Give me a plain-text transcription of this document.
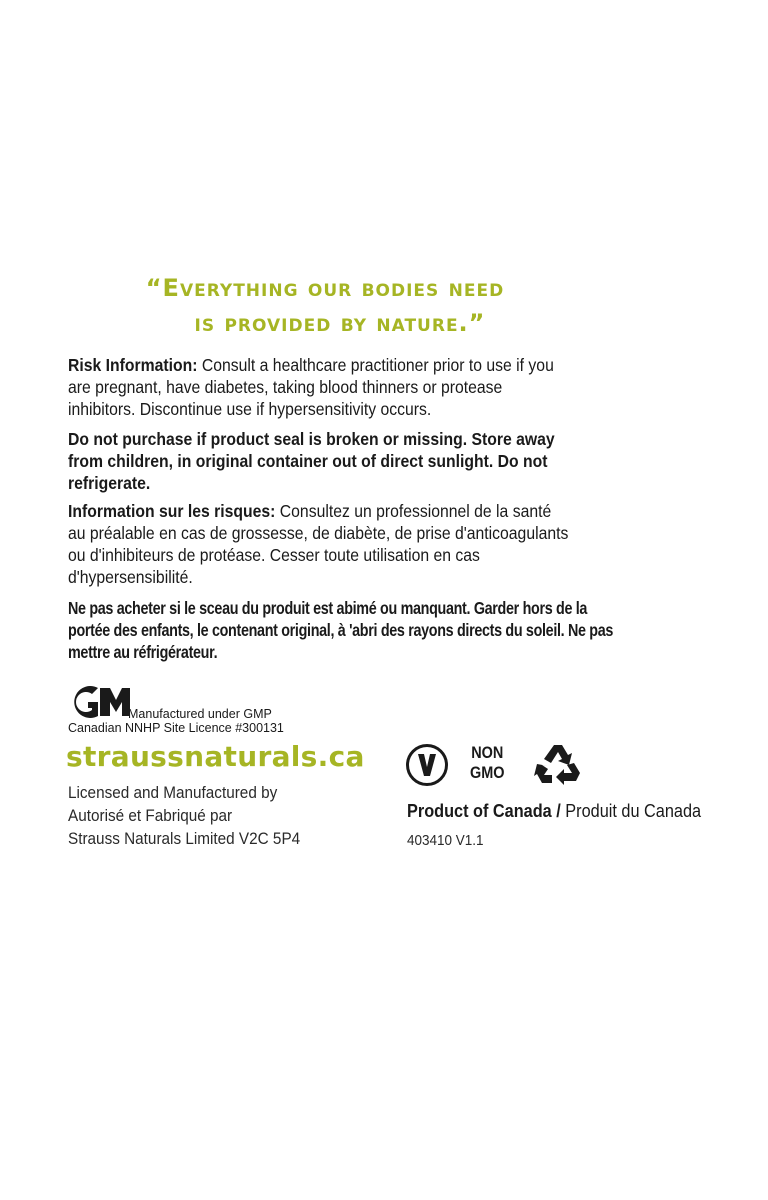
“Everything our bodies need
is provided by nature.”

Risk Information: Consult a healthcare practitioner prior to use if you are pregnant, have diabetes, taking blood thinners or protease inhibitors. Discontinue use if hypersensitivity occurs.

Do not purchase if product seal is broken or missing. Store away from children, in original container out of direct sunlight. Do not refrigerate.

Information sur les risques: Consultez un professionnel de la santé au préalable en cas de grossesse, de diabète, de prise d'anticoagulants ou d'inhibiteurs de protéase. Cesser toute utilisation en cas d'hypersensibilité.

Ne pas acheter si le sceau du produit est abimé ou manquant. Garder hors de la portée des enfants, le contenant original, à 'abri des rayons directs du soleil. Ne pas mettre au réfrigérateur.
Manufactured under GMP
Canadian NNHP Site Licence #300131
straussnaturals.ca
Licensed and Manufactured by
Autorisé et Fabriqué par
Strauss Naturals Limited V2C 5P4
NON
GMO
Product of Canada / Produit du Canada
403410 V1.1
